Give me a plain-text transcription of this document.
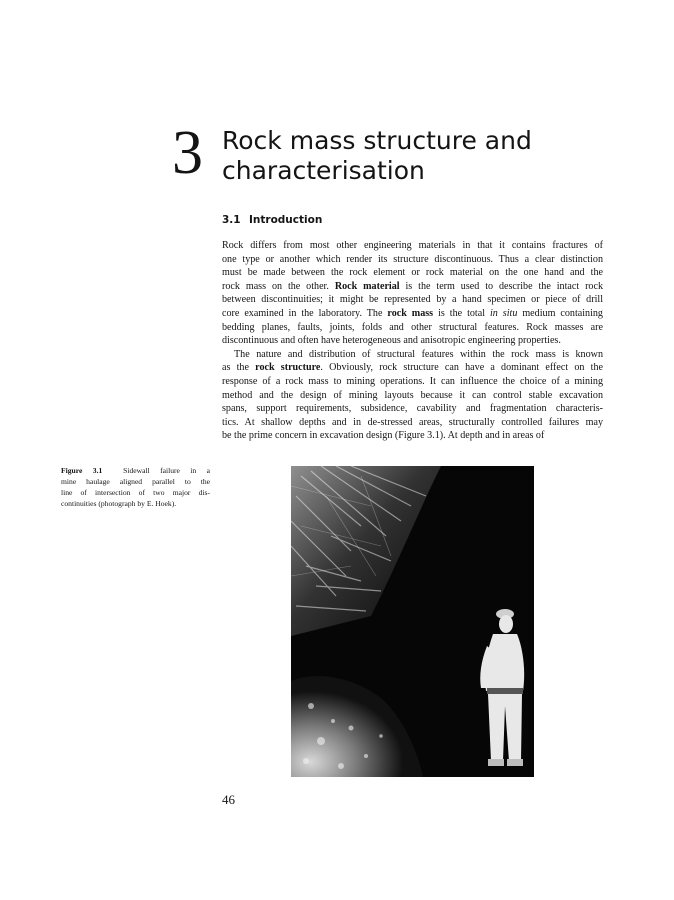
3 Rock mass structure and
characterisation
3.1 Introduction
Rock differs from most other engineering materials in that it contains fractures of
one type or another which render its structure discontinuous. Thus a clear distinction
must be made between the rock element or rock material on the one hand and the
rock mass on the other. Rock material is the term used to describe the intact rock
between discontinuities; it might be represented by a hand specimen or piece of drill
core examined in the laboratory. The rock mass is the total in situ medium containing
bedding planes, faults, joints, folds and other structural features. Rock masses are
discontinuous and often have heterogeneous and anisotropic engineering properties.
The nature and distribution of structural features within the rock mass is known
as the rock structure. Obviously, rock structure can have a dominant effect on the
response of a rock mass to mining operations. It can influence the choice of a mining
method and the design of mining layouts because it can control stable excavation
spans, support requirements, subsidence, cavability and fragmentation characteris-
tics. At shallow depths and in de-stressed areas, structurally controlled failures may
be the prime concern in excavation design (Figure 3.1). At depth and in areas of
Figure 3.1	Sidewall failure in a
mine haulage aligned parallel to the
line of intersection of two major dis-
continuities (photograph by E. Hoek).
46
